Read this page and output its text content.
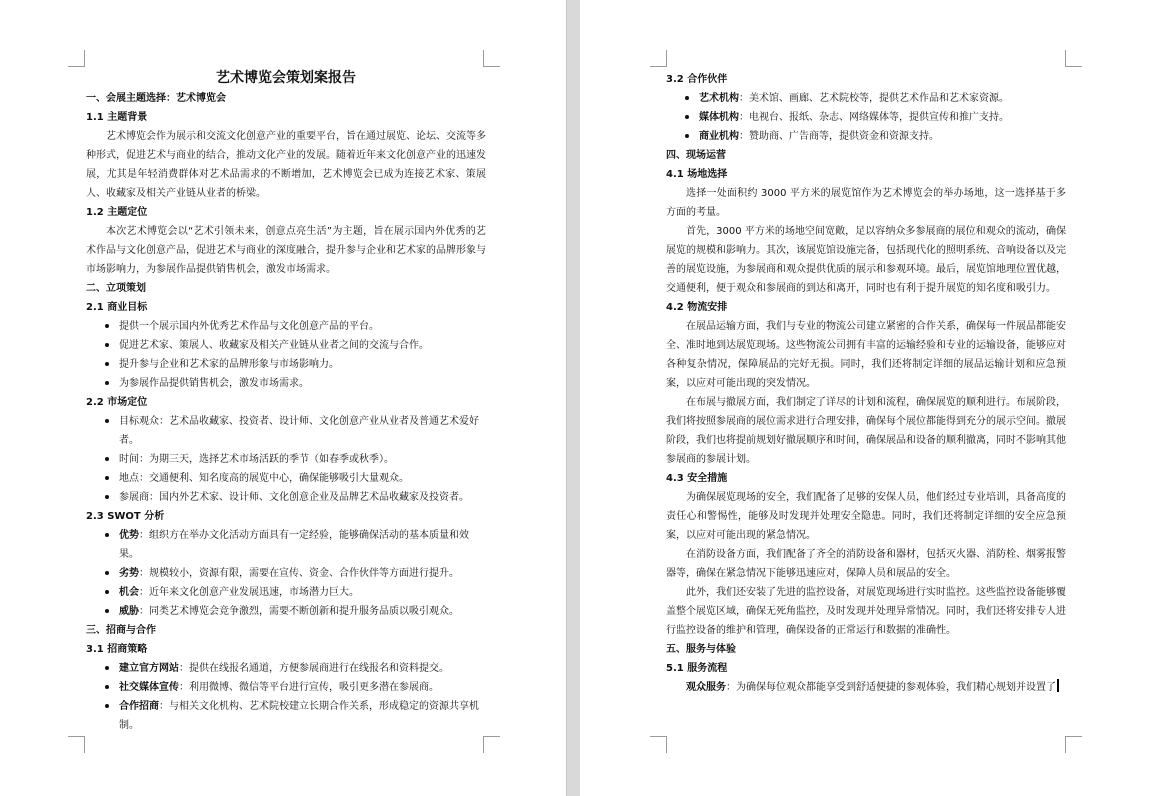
艺术博览会策划案报告
一、会展主题选择：艺术博览会
1.1 主题背景
艺术博览会作为展示和交流文化创意产业的重要平台，旨在通过展览、论坛、交流等多种形式，促进艺术与商业的结合，推动文化产业的发展。随着近年来文化创意产业的迅速发展，尤其是年轻消费群体对艺术品需求的不断增加，艺术博览会已成为连接艺术家、策展人、收藏家及相关产业链从业者的桥梁。
1.2 主题定位
本次艺术博览会以“艺术引领未来，创意点亮生活”为主题，旨在展示国内外优秀的艺术作品与文化创意产品，促进艺术与商业的深度融合，提升参与企业和艺术家的品牌形象与市场影响力，为参展作品提供销售机会，激发市场需求。
二、立项策划
2.1 商业目标
提供一个展示国内外优秀艺术作品与文化创意产品的平台。
促进艺术家、策展人、收藏家及相关产业链从业者之间的交流与合作。
提升参与企业和艺术家的品牌形象与市场影响力。
为参展作品提供销售机会，激发市场需求。
2.2 市场定位
目标观众：艺术品收藏家、投资者、设计师、文化创意产业从业者及普通艺术爱好者。
时间：为期三天，选择艺术市场活跃的季节（如春季或秋季）。
地点：交通便利、知名度高的展览中心，确保能够吸引大量观众。
参展商：国内外艺术家、设计师、文化创意企业及品牌艺术品收藏家及投资者。
2.3 SWOT 分析
优势：组织方在举办文化活动方面具有一定经验，能够确保活动的基本质量和效果。
劣势：规模较小，资源有限，需要在宣传、资金、合作伙伴等方面进行提升。
机会：近年来文化创意产业发展迅速，市场潜力巨大。
威胁：同类艺术博览会竞争激烈，需要不断创新和提升服务品质以吸引观众。
三、招商与合作
3.1 招商策略
建立官方网站：提供在线报名通道，方便参展商进行在线报名和资料提交。
社交媒体宣传：利用微博、微信等平台进行宣传，吸引更多潜在参展商。
合作招商：与相关文化机构、艺术院校建立长期合作关系，形成稳定的资源共享机制。
3.2 合作伙伴
艺术机构：美术馆、画廊、艺术院校等，提供艺术作品和艺术家资源。
媒体机构：电视台、报纸、杂志、网络媒体等，提供宣传和推广支持。
商业机构：赞助商、广告商等，提供资金和资源支持。
四、现场运营
4.1 场地选择
选择一处面积约 3000 平方米的展览馆作为艺术博览会的举办场地，这一选择基于多方面的考量。
首先，3000 平方米的场地空间宽敞，足以容纳众多参展商的展位和观众的流动，确保展览的规模和影响力。其次，该展览馆设施完备，包括现代化的照明系统、音响设备以及完善的展览设施，为参展商和观众提供优质的展示和参观环境。最后，展览馆地理位置优越，交通便利，便于观众和参展商的到达和离开，同时也有利于提升展览的知名度和吸引力。
4.2 物流安排
在展品运输方面，我们与专业的物流公司建立紧密的合作关系，确保每一件展品都能安全、准时地到达展览现场。这些物流公司拥有丰富的运输经验和专业的运输设备，能够应对各种复杂情况，保障展品的完好无损。同时，我们还将制定详细的展品运输计划和应急预案，以应对可能出现的突发情况。
在布展与撤展方面，我们制定了详尽的计划和流程，确保展览的顺利进行。布展阶段，我们将按照参展商的展位需求进行合理安排，确保每个展位都能得到充分的展示空间。撤展阶段，我们也将提前规划好撤展顺序和时间，确保展品和设备的顺利撤离，同时不影响其他参展商的参展计划。
4.3 安全措施
为确保展览现场的安全，我们配备了足够的安保人员，他们经过专业培训，具备高度的责任心和警惕性，能够及时发现并处理安全隐患。同时，我们还将制定详细的安全应急预案，以应对可能出现的紧急情况。
在消防设备方面，我们配备了齐全的消防设备和器材，包括灭火器、消防栓、烟雾报警器等，确保在紧急情况下能够迅速应对，保障人员和展品的安全。
此外，我们还安装了先进的监控设备，对展览现场进行实时监控。这些监控设备能够覆盖整个展览区域，确保无死角监控，及时发现并处理异常情况。同时，我们还将安排专人进行监控设备的维护和管理，确保设备的正常运行和数据的准确性。
五、服务与体验
5.1 服务流程
观众服务：为确保每位观众都能享受到舒适便捷的参观体验，我们精心规划并设置了
